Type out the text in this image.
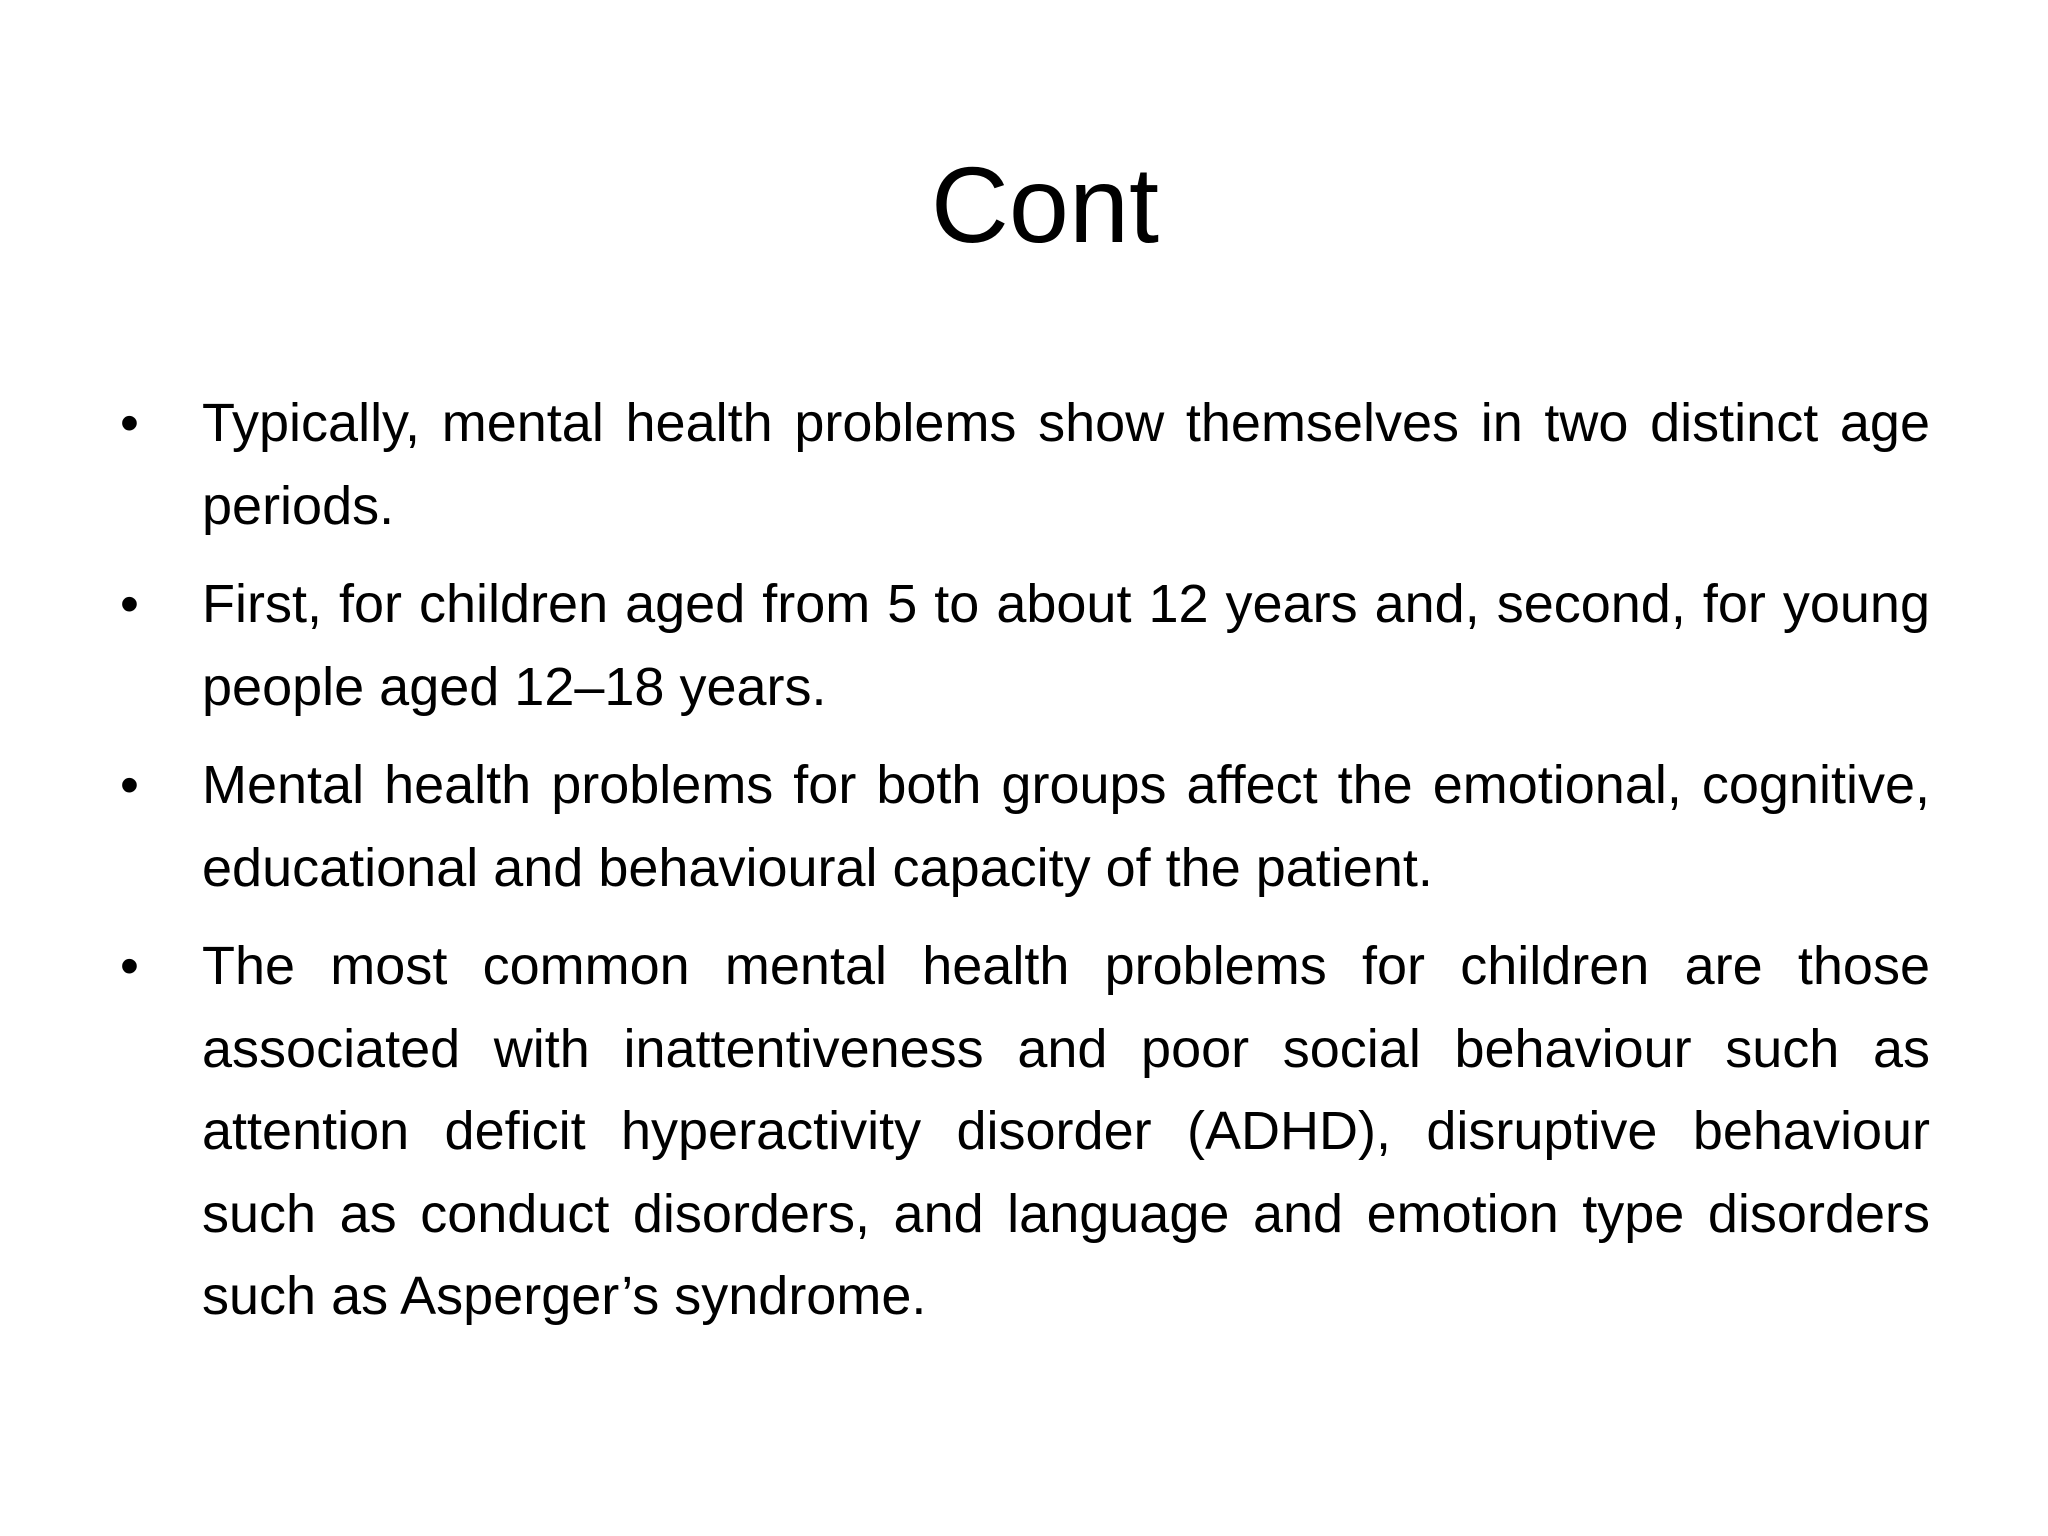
Cont
•	Typically, mental health problems show themselves in two distinct age periods.
•	First, for children aged from 5 to about 12 years and, second, for young people aged 12–18 years.
•	Mental health problems for both groups affect the emotional, cognitive, educational and behavioural capacity of the patient.
•	The most common mental health problems for children are those associated with inattentiveness and poor social behaviour such as attention deficit hyperactivity disorder (ADHD), disruptive behaviour such as conduct disorders, and language and emotion type disorders such as Asperger’s syndrome.
